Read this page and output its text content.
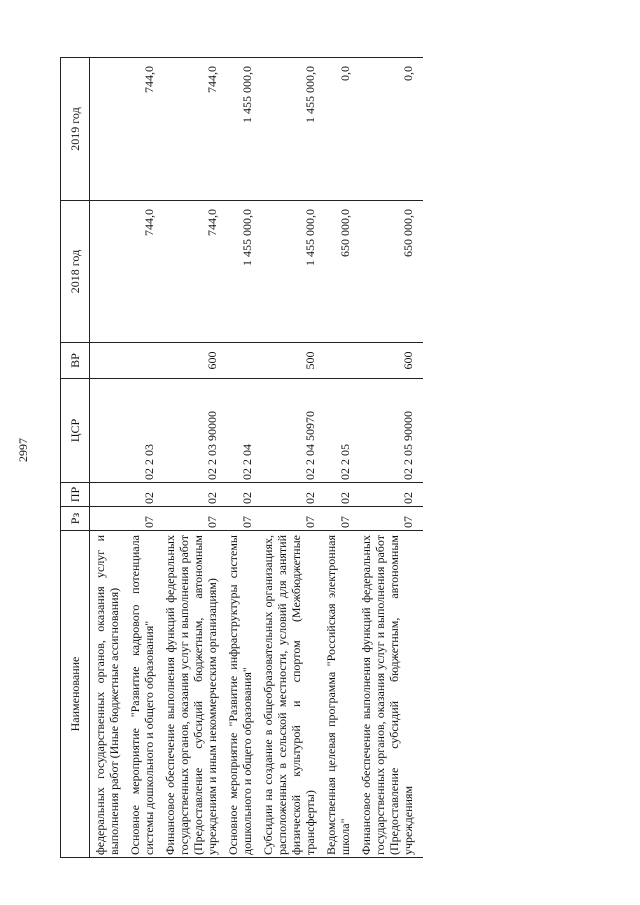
2997
Наименование	Рз	ПР	ЦСР	ВР	2018 год	2019 год
федеральных государственных органов, оказания услуг и выполнения работ (Иные бюджетные ассигнования)						
Основное мероприятие "Развитие кадрового потенциала системы дошкольного и общего образования"	07	02	02 2 03		744,0	744,0
Финансовое обеспечение выполнения функций федеральных государственных органов, оказания услуг и выполнения работ (Предоставление субсидий бюджетным, автономным учреждениям и иным некоммерческим организациям)	07	02	02 2 03 90000	600	744,0	744,0
Основное мероприятие "Развитие инфраструктуры системы дошкольного и общего образования"	07	02	02 2 04		1 455 000,0	1 455 000,0
Субсидии на создание в общеобразовательных организациях, расположенных в сельской местности, условий для занятий физической культурой и спортом (Межбюджетные трансферты)	07	02	02 2 04 50970	500	1 455 000,0	1 455 000,0
Ведомственная целевая программа "Российская электронная школа"	07	02	02 2 05		650 000,0	0,0
Финансовое обеспечение выполнения функций федеральных государственных органов, оказания услуг и выполнения работ (Предоставление субсидий бюджетным, автономным учреждениям	07	02	02 2 05 90000	600	650 000,0	0,0
